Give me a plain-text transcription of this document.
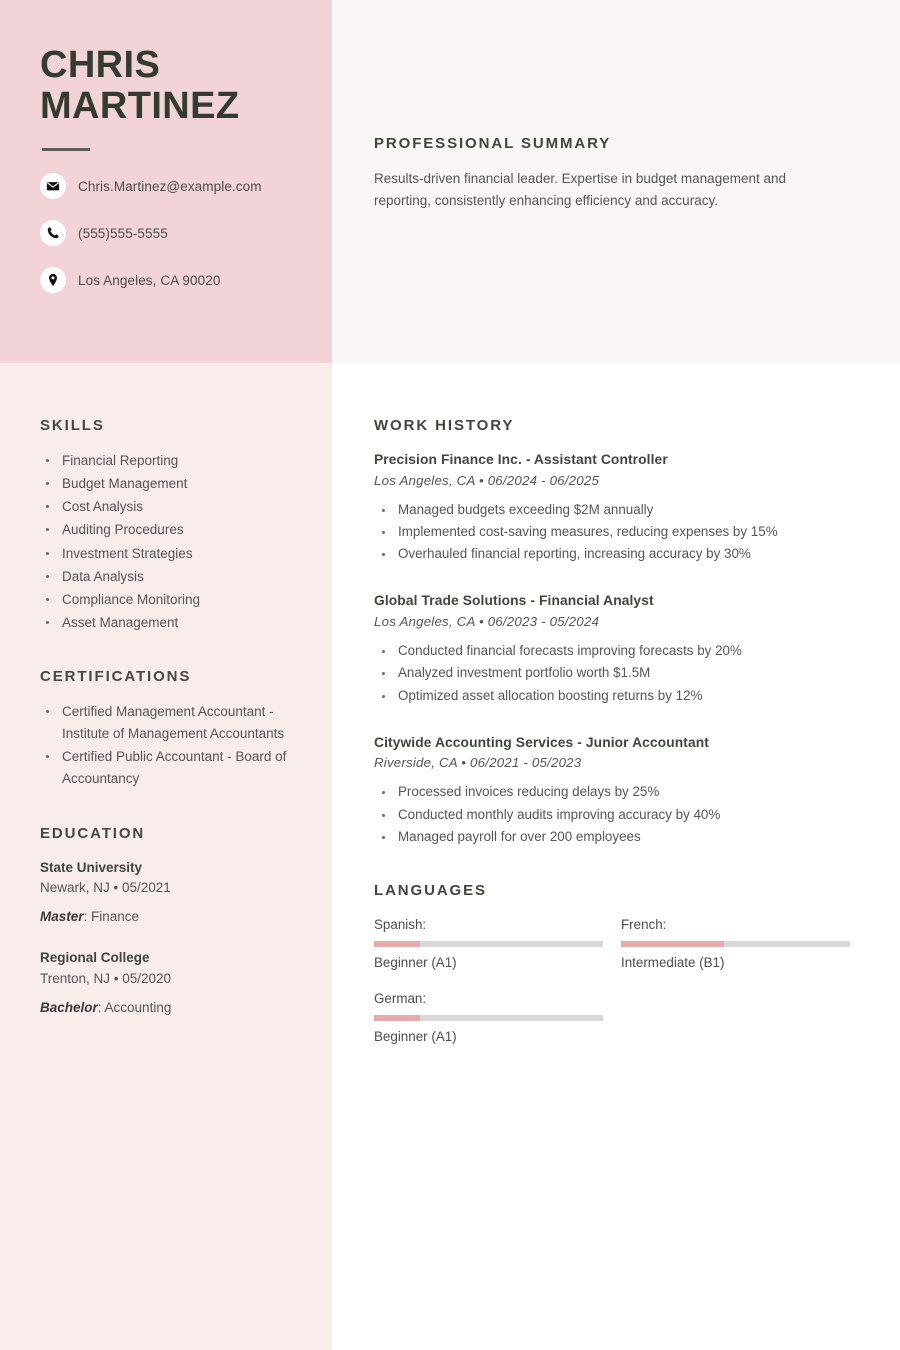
CHRIS
MARTINEZ
Chris.Martinez@example.com
(555)555-5555
Los Angeles, CA 90020
PROFESSIONAL SUMMARY

Results-driven financial leader. Expertise in budget management and reporting, consistently enhancing efficiency and accuracy.

SKILLS
Financial Reporting
Budget Management
Cost Analysis
Auditing Procedures
Investment Strategies
Data Analysis
Compliance Monitoring
Asset Management
CERTIFICATIONS
Certified Management Accountant - Institute of Management Accountants
Certified Public Accountant - Board of Accountancy
EDUCATION
State University
Newark, NJ • 05/2021
Master: Finance
Regional College
Trenton, NJ • 05/2020
Bachelor: Accounting
WORK HISTORY
Precision Finance Inc. - Assistant Controller
Los Angeles, CA • 06/2024 - 06/2025
Managed budgets exceeding $2M annually
Implemented cost-saving measures, reducing expenses by 15%
Overhauled financial reporting, increasing accuracy by 30%
Global Trade Solutions - Financial Analyst
Los Angeles, CA • 06/2023 - 05/2024
Conducted financial forecasts improving forecasts by 20%
Analyzed investment portfolio worth $1.5M
Optimized asset allocation boosting returns by 12%
Citywide Accounting Services - Junior Accountant
Riverside, CA • 06/2021 - 05/2023
Processed invoices reducing delays by 25%
Conducted monthly audits improving accuracy by 40%
Managed payroll for over 200 employees
LANGUAGES
Spanish:
Beginner (A1)
French:
Intermediate (B1)
German:
Beginner (A1)
